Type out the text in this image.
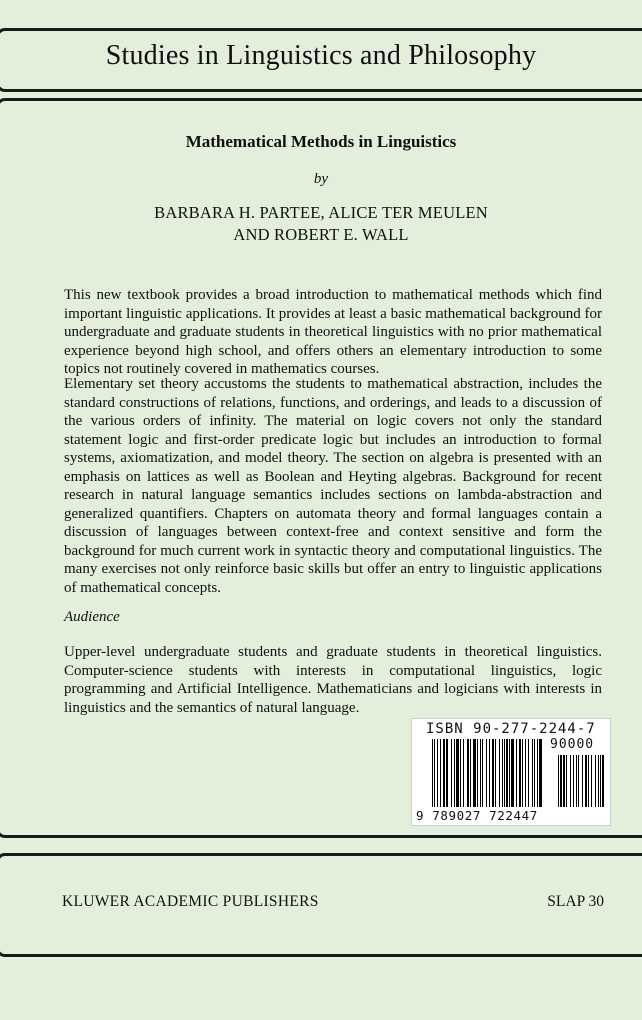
Studies in Linguistics and Philosophy
Mathematical Methods in Linguistics
by
BARBARA H. PARTEE, ALICE TER MEULEN
AND ROBERT E. WALL

This new textbook provides a broad introduction to mathematical methods which find important linguistic applications. It provides at least a basic mathematical background for undergraduate and graduate students in theoretical linguistics with no prior mathematical experience beyond high school, and offers others an elementary introduction to some topics not routinely covered in mathematics courses.

Elementary set theory accustoms the students to mathematical abstraction, includes the standard constructions of relations, functions, and orderings, and leads to a discussion of the various orders of infinity. The material on logic covers not only the standard statement logic and first-order predicate logic but includes an introduction to formal systems, axiomatization, and model theory. The section on algebra is presented with an emphasis on lattices as well as Boolean and Heyting algebras. Background for recent research in natural language semantics includes sections on lambda-abstraction and generalized quantifiers. Chapters on automata theory and formal languages contain a discussion of languages between context-free and context sensitive and form the background for much current work in syntactic theory and computational linguistics. The many exercises not only reinforce basic skills but offer an entry to linguistic applications of mathematical concepts.

Audience

Upper-level undergraduate students and graduate students in theoretical linguistics. Computer-science students with interests in computational linguistics, logic programming and Artificial Intelligence. Mathematicians and logicians with interests in linguistics and the semantics of natural language.

ISBN 90-277-2244-7
90000
9 789027 722447
KLUWER ACADEMIC PUBLISHERS	SLAP 30
